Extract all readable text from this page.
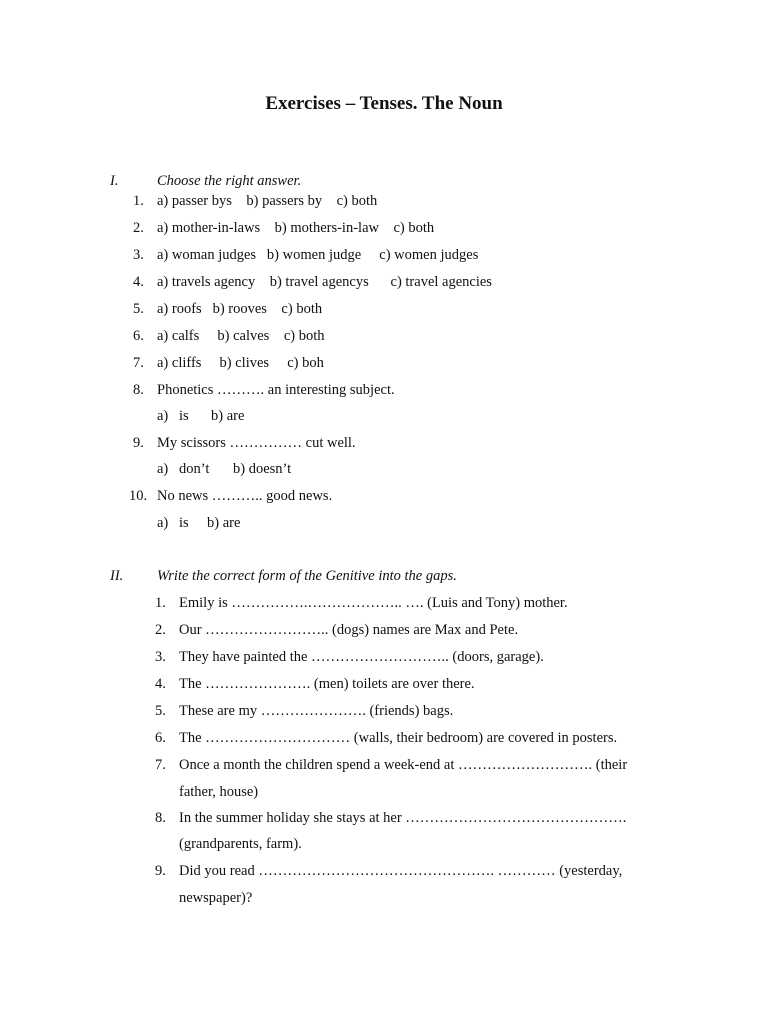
Exercises – Tenses. The Noun
I.	Choose the right answer.
1. a) passer bys    b) passers by    c) both
2. a) mother-in-laws    b) mothers-in-law    c) both
3. a) woman judges   b) women judge     c) women judges
4. a) travels agency    b) travel agencys      c) travel agencies
5. a) roofs   b) rooves    c) both
6. a) calfs     b) calves    c) both
7. a) cliffs     b) clives     c) boh
8. Phonetics ………. an interesting subject.
a) is b) are
9. My scissors …………… cut well.
a) don’t b) doesn’t
10. No news ……….. good news.
a) is b) are
II. Write the correct form of the Genitive into the gaps.
1. Emily is …………….……………….. …. (Luis and Tony) mother.
2. Our …………………….. (dogs) names are Max and Pete.
3. They have painted the ……………………….. (doors, garage).
4. The …………………. (men) toilets are over there.
5. These are my …………………. (friends) bags.
6. The ………………………… (walls, their bedroom) are covered in posters.
7. Once a month the children spend a week-end at ………………………. (their
father, house)
8. In the summer holiday she stays at her ……………………………………….
(grandparents, farm).
9. Did you read …………………………………………. ………… (yesterday,
newspaper)?
